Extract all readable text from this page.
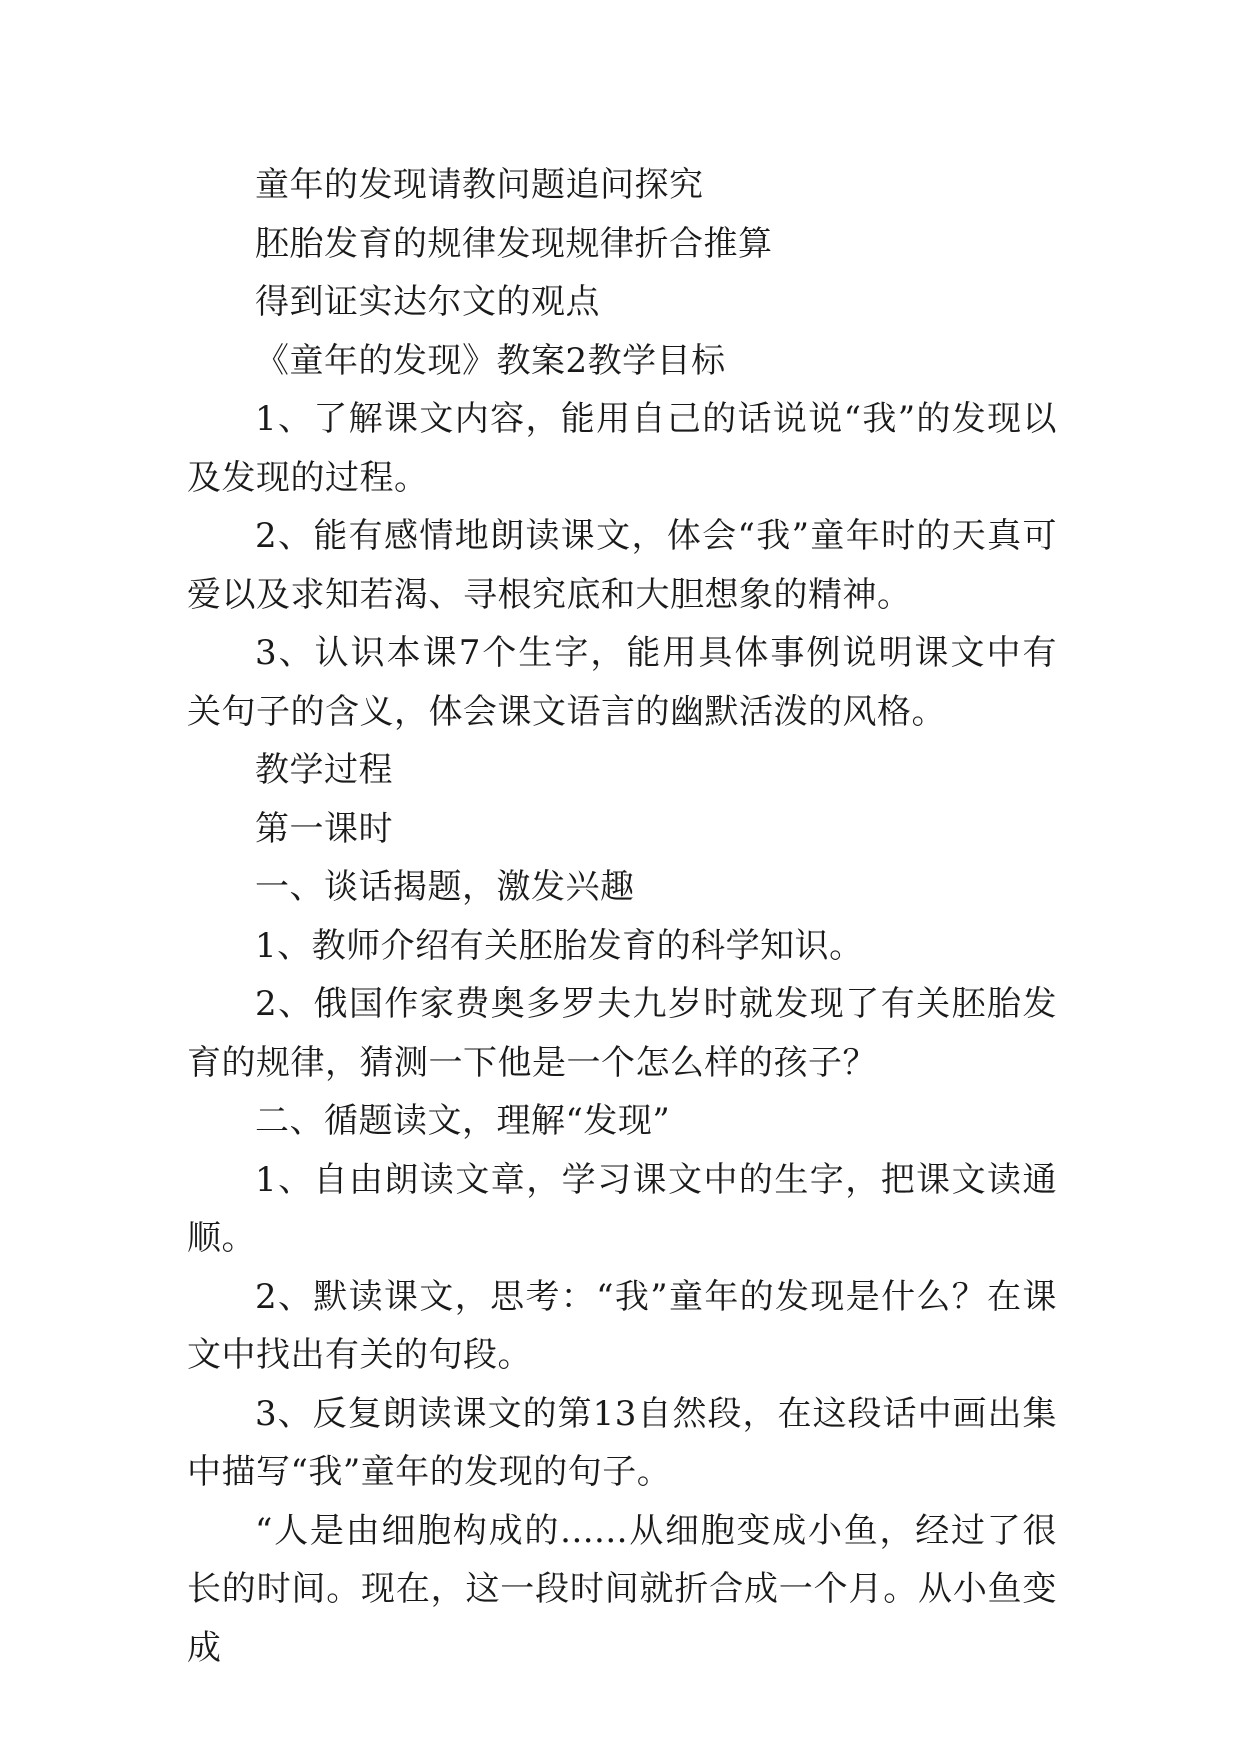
童年的发现请教问题追问探究

胚胎发育的规律发现规律折合推算

得到证实达尔文的观点

《童年的发现》教案2教学目标

1、了解课文内容，能用自己的话说说“我”的发现以及发现的过程。

2、能有感情地朗读课文，体会“我”童年时的天真可爱以及求知若渴、寻根究底和大胆想象的精神。

3、认识本课7个生字，能用具体事例说明课文中有关句子的含义，体会课文语言的幽默活泼的风格。

教学过程

第一课时

一、谈话揭题，激发兴趣

1、教师介绍有关胚胎发育的科学知识。

2、俄国作家费奥多罗夫九岁时就发现了有关胚胎发育的规律，猜测一下他是一个怎么样的孩子？

二、循题读文，理解“发现”

1、自由朗读文章，学习课文中的生字，把课文读通顺。

2、默读课文，思考：“我”童年的发现是什么？在课文中找出有关的句段。

3、反复朗读课文的第13自然段，在这段话中画出集中描写“我”童年的发现的句子。

“人是由细胞构成的......从细胞变成小鱼，经过了很长的时间。现在，这一段时间就折合成一个月。从小鱼变成
